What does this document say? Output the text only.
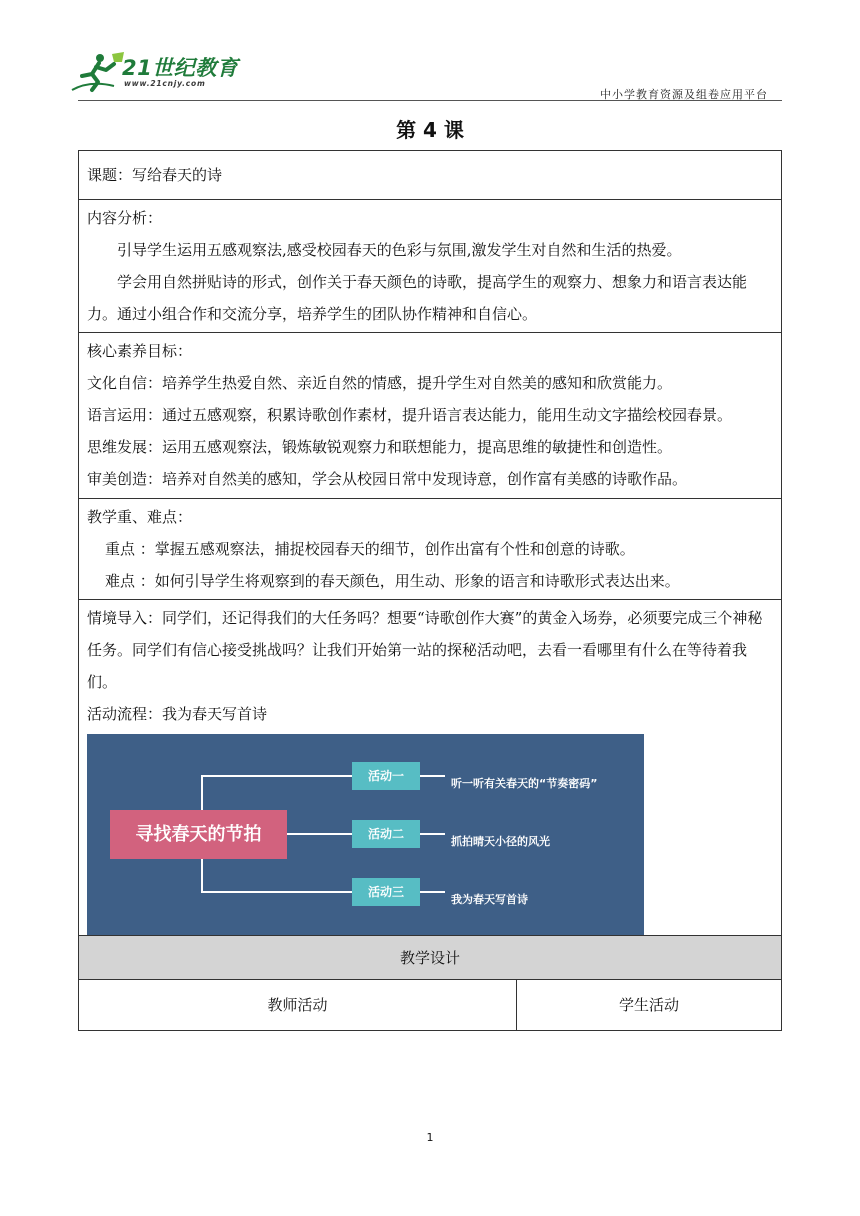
21世纪教育
www.21cnjy.com
中小学教育资源及组卷应用平台
第 4 课

课题：写给春天的诗

内容分析：

引导学生运用五感观察法,感受校园春天的色彩与氛围,激发学生对自然和生活的热爱。

学会用自然拼贴诗的形式，创作关于春天颜色的诗歌，提高学生的观察力、想象力和语言表达能力。通过小组合作和交流分享，培养学生的团队协作精神和自信心。

核心素养目标：

文化自信：培养学生热爱自然、亲近自然的情感，提升学生对自然美的感知和欣赏能力。

语言运用：通过五感观察，积累诗歌创作素材，提升语言表达能力，能用生动文字描绘校园春景。

思维发展：运用五感观察法，锻炼敏锐观察力和联想能力，提高思维的敏捷性和创造性。

审美创造：培养对自然美的感知，学会从校园日常中发现诗意，创作富有美感的诗歌作品。

教学重、难点：

重点 ：掌握五感观察法，捕捉校园春天的细节，创作出富有个性和创意的诗歌。

难点 ：如何引导学生将观察到的春天颜色，用生动、形象的语言和诗歌形式表达出来。

情境导入：同学们，还记得我们的大任务吗？想要“诗歌创作大赛”的黄金入场券，必须要完成三个神秘任务。同学们有信心接受挑战吗？让我们开始第一站的探秘活动吧，去看一看哪里有什么在等待着我们。

活动流程：我为春天写首诗

寻找春天的节拍
活动一
活动二
活动三
听一听有关春天的“节奏密码”
抓拍晴天小径的风光
我为春天写首诗
教学设计
教师活动	学生活动
1
